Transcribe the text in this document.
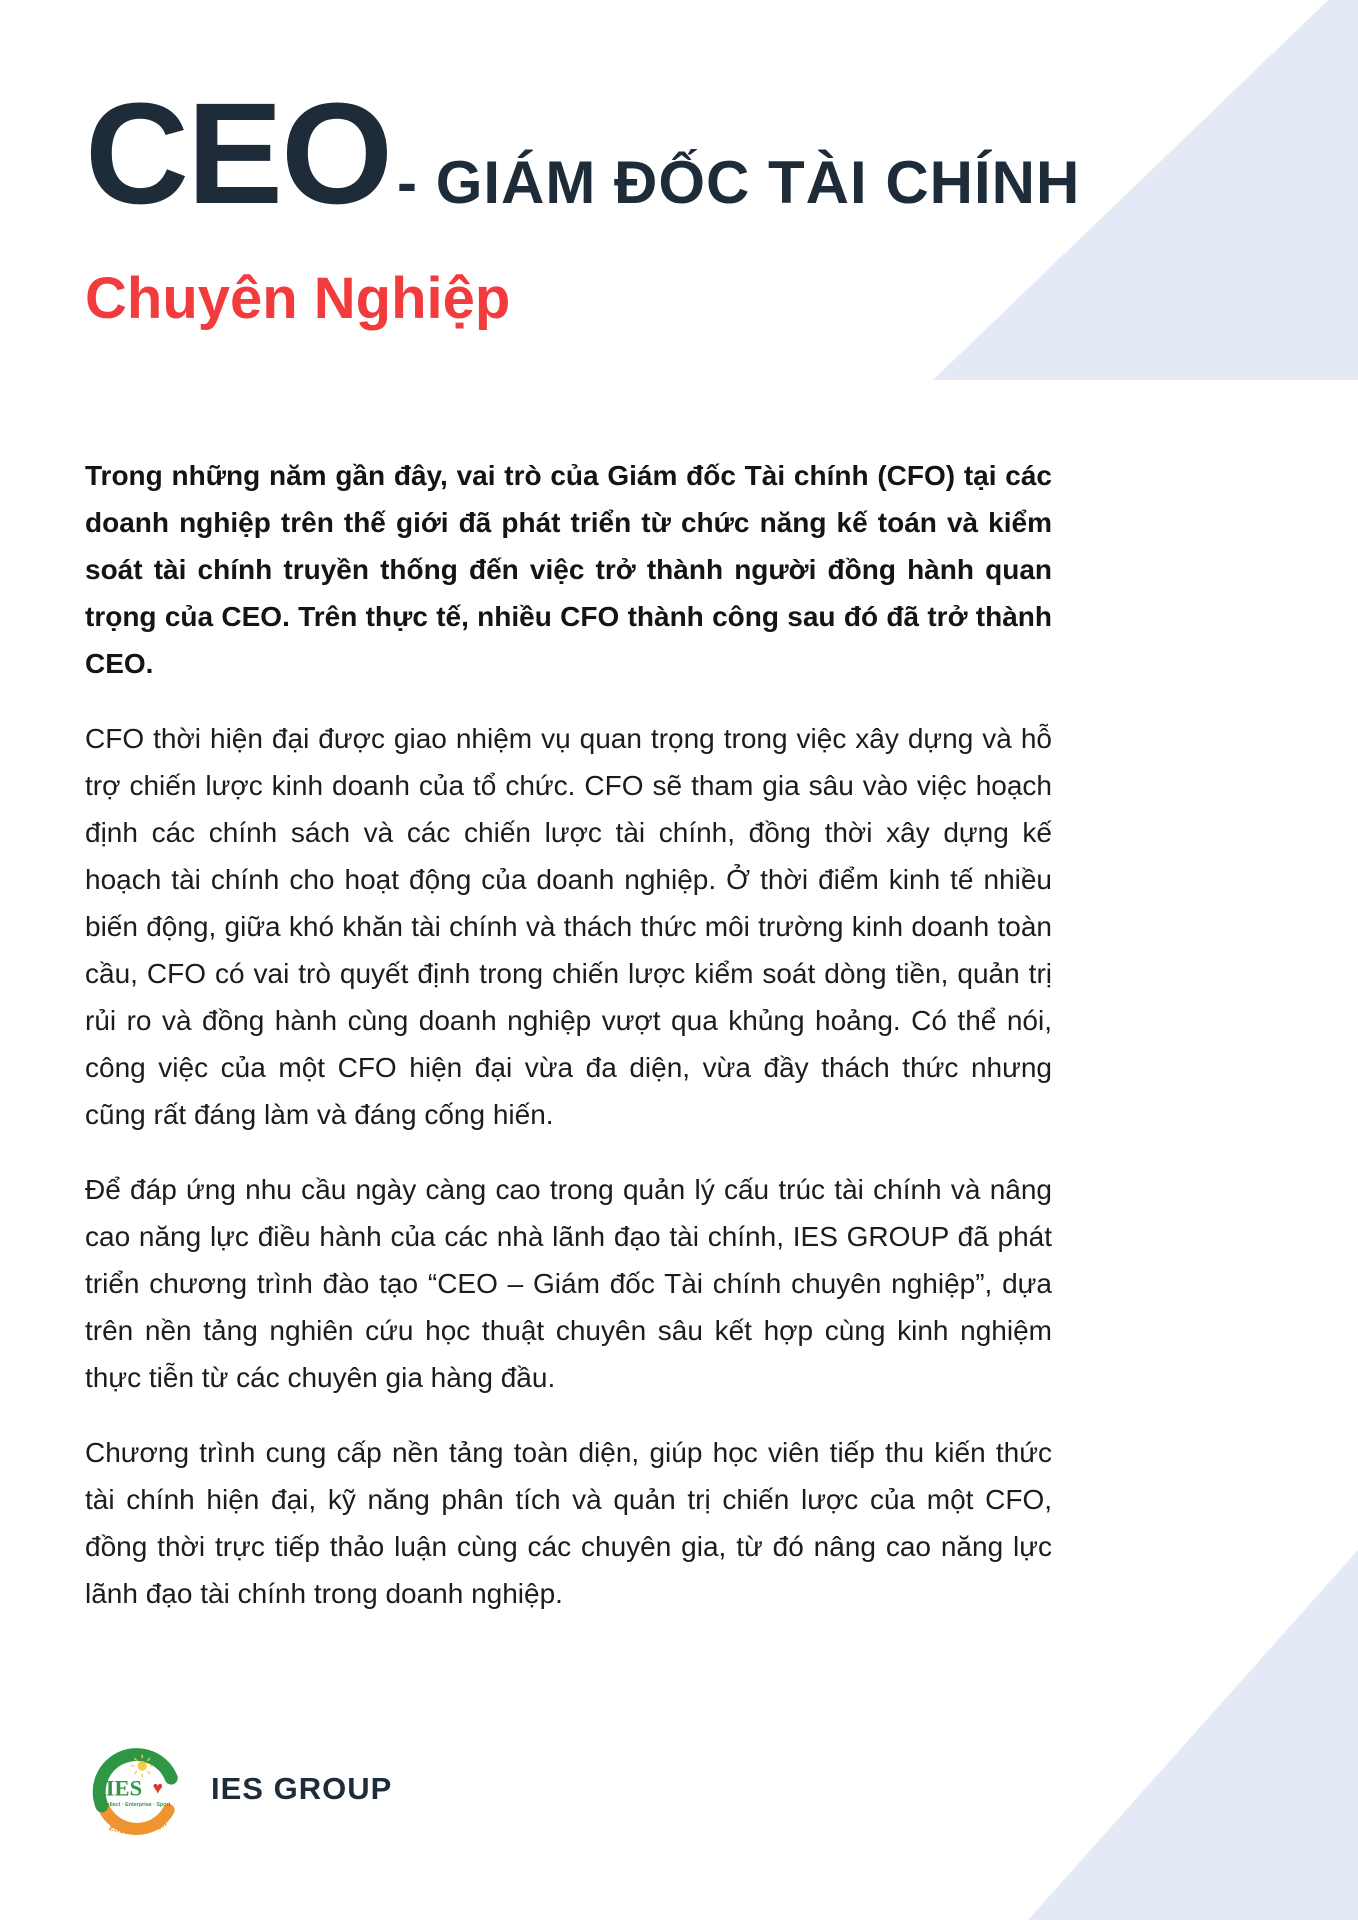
CEO - GIÁM ĐỐC TÀI CHÍNH
Chuyên Nghiệp

Trong những năm gần đây, vai trò của Giám đốc Tài chính (CFO) tại các doanh nghiệp trên thế giới đã phát triển từ chức năng kế toán và kiểm soát tài chính truyền thống đến việc trở thành người đồng hành quan trọng của CEO. Trên thực tế, nhiều CFO thành công sau đó đã trở thành CEO.

CFO thời hiện đại được giao nhiệm vụ quan trọng trong việc xây dựng và hỗ trợ chiến lược kinh doanh của tổ chức. CFO sẽ tham gia sâu vào việc hoạch định các chính sách và các chiến lược tài chính, đồng thời xây dựng kế hoạch tài chính cho hoạt động của doanh nghiệp. Ở thời điểm kinh tế nhiều biến động, giữa khó khăn tài chính và thách thức môi trường kinh doanh toàn cầu, CFO có vai trò quyết định trong chiến lược kiểm soát dòng tiền, quản trị rủi ro và đồng hành cùng doanh nghiệp vượt qua khủng hoảng. Có thể nói, công việc của một CFO hiện đại vừa đa diện, vừa đầy thách thức nhưng cũng rất đáng làm và đáng cống hiến.

Để đáp ứng nhu cầu ngày càng cao trong quản lý cấu trúc tài chính và nâng cao năng lực điều hành của các nhà lãnh đạo tài chính, IES GROUP đã phát triển chương trình đào tạo “CEO – Giám đốc Tài chính chuyên nghiệp”, dựa trên nền tảng nghiên cứu học thuật chuyên sâu kết hợp cùng kinh nghiệm thực tiễn từ các chuyên gia hàng đầu.

Chương trình cung cấp nền tảng toàn diện, giúp học viên tiếp thu kiến thức tài chính hiện đại, kỹ năng phân tích và quản trị chiến lược của một CFO, đồng thời trực tiếp thảo luận cùng các chuyên gia, từ đó nâng cao năng lực lãnh đạo tài chính trong doanh nghiệp.

IES ♥
Intellect · Enterprise · Sport
Effect Solution
IES GROUP
